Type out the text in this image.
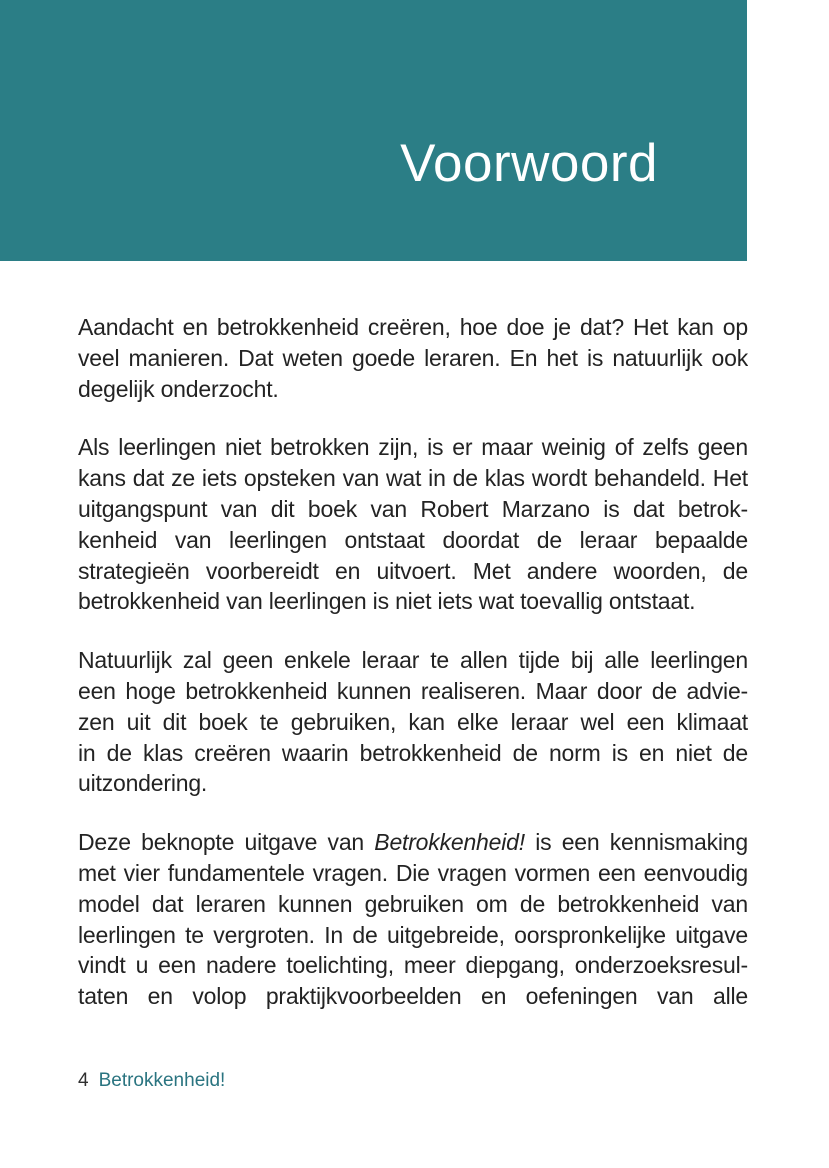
Voorwoord
Aandacht en betrokkenheid creëren, hoe doe je dat? Het kan op
veel manieren. Dat weten goede leraren. En het is natuurlijk ook
degelijk onderzocht.
Als leerlingen niet betrokken zijn, is er maar weinig of zelfs geen
kans dat ze iets opsteken van wat in de klas wordt behandeld. Het
uitgangspunt van dit boek van Robert Marzano is dat betrok-
kenheid van leerlingen ontstaat doordat de leraar bepaalde
strategieën voorbereidt en uitvoert. Met andere woorden, de
betrokkenheid van leerlingen is niet iets wat toevallig ontstaat.
Natuurlijk zal geen enkele leraar te allen tijde bij alle leerlingen
een hoge betrokkenheid kunnen realiseren. Maar door de advie-
zen uit dit boek te gebruiken, kan elke leraar wel een klimaat
in de klas creëren waarin betrokkenheid de norm is en niet de
uitzondering.
Deze beknopte uitgave van Betrokkenheid! is een kennismaking
met vier fundamentele vragen. Die vragen vormen een eenvoudig
model dat leraren kunnen gebruiken om de betrokkenheid van
leerlingen te vergroten. In de uitgebreide, oorspronkelijke uitgave
vindt u een nadere toelichting, meer diepgang, onderzoeksresul-
taten en volop praktijkvoorbeelden en oefeningen van alle
4 Betrokkenheid!
